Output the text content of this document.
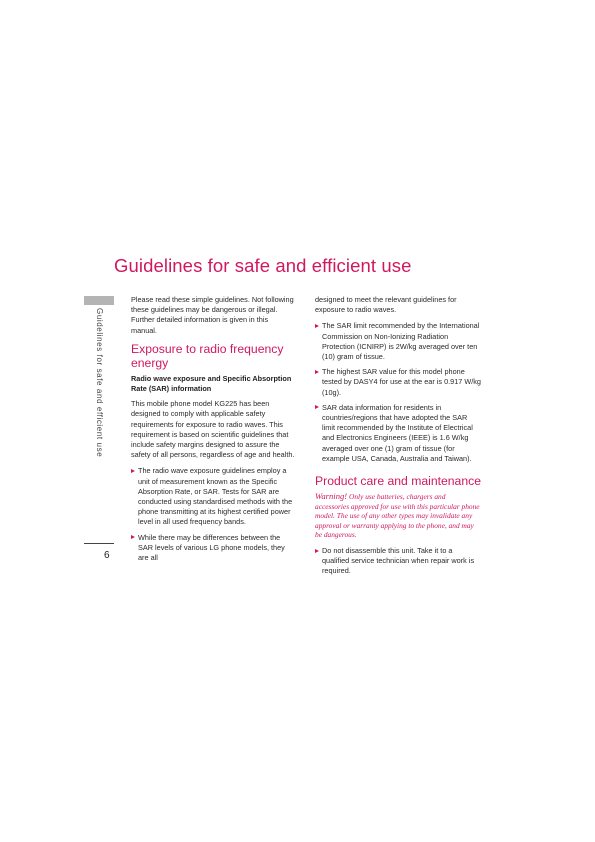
Guidelines for safe and efficient use
Guidelines for safe and efficient use
6

Please read these simple guidelines. Not following these guidelines may be dangerous or illegal. Further detailed information is given in this manual.

Exposure to radio frequency energy
Radio wave exposure and Specific Absorption Rate (SAR) information

This mobile phone model KG225 has been designed to comply with applicable safety requirements for exposure to radio waves. This requirement is based on scientific guidelines that include safety margins designed to assure the safety of all persons, regardless of age and health.

The radio wave exposure guidelines employ a unit of measurement known as the Specific Absorption Rate, or SAR. Tests for SAR are conducted using standardised methods with the phone transmitting at its highest certified power level in all used frequency bands.
While there may be differences between the SAR levels of various LG phone models, they are all

designed to meet the relevant guidelines for exposure to radio waves.

The SAR limit recommended by the International Commission on Non-Ionizing Radiation Protection (ICNIRP) is 2W/kg averaged over ten (10) gram of tissue.
The highest SAR value for this model phone tested by DASY4 for use at the ear is 0.917 W/kg (10g).
SAR data information for residents in countries/regions that have adopted the SAR limit recommended by the Institute of Electrical and Electronics Engineers (IEEE) is 1.6 W/kg averaged over one (1) gram of tissue (for example USA, Canada, Australia and Taiwan).
Product care and maintenance
Warning! Only use batteries, chargers and accessories approved for use with this particular phone model. The use of any other types may invalidate any approval or warranty applying to the phone, and may be dangerous.
Do not disassemble this unit. Take it to a qualified service technician when repair work is required.
